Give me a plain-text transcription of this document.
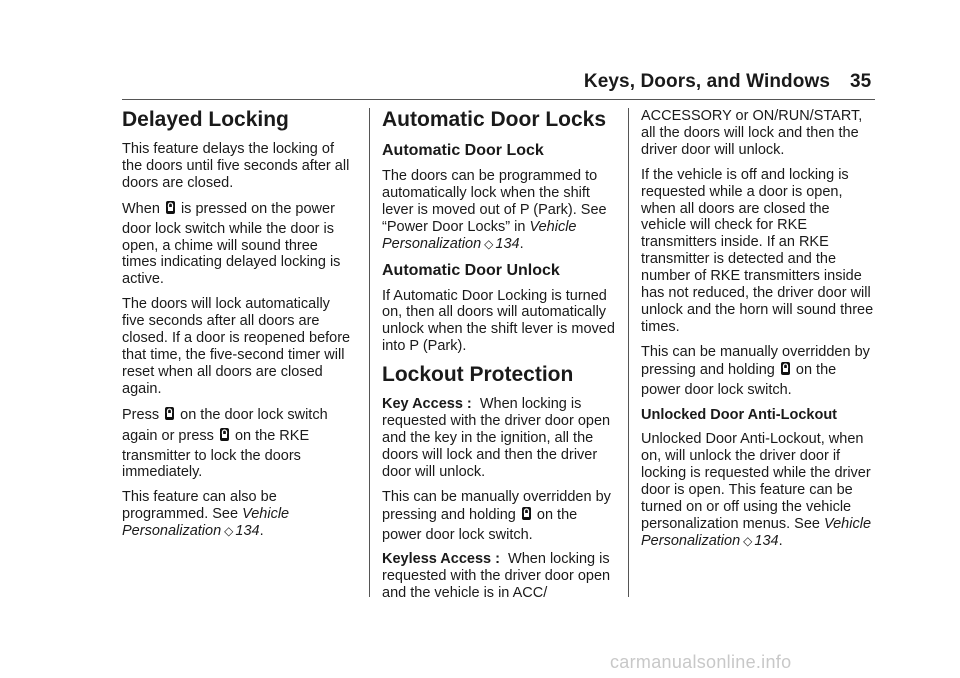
Keys, Doors, and Windows 35
Delayed Locking

This feature delays the locking of the doors until five seconds after all doors are closed.

When is pressed on the power door lock switch while the door is open, a chime will sound three times indicating delayed locking is active.

The doors will lock automatically five seconds after all doors are closed. If a door is reopened before that time, the five-second timer will reset when all doors are closed again.

Press on the door lock switch again or press on the RKE transmitter to lock the doors immediately.

This feature can also be programmed. See Vehicle Personalization ◇ 134.

Automatic Door Locks
Automatic Door Lock

The doors can be programmed to automatically lock when the shift lever is moved out of P (Park). See “Power Door Locks” in Vehicle Personalization ◇ 134.

Automatic Door Unlock

If Automatic Door Locking is turned on, then all doors will automatically unlock when the shift lever is moved into P (Park).

Lockout Protection

Key Access : When locking is requested with the driver door open and the key in the ignition, all the doors will lock and then the driver door will unlock.

This can be manually overridden by pressing and holding on the power door lock switch.

Keyless Access : When locking is requested with the driver door open and the vehicle is in ACC/

ACCESSORY or ON/RUN/START, all the doors will lock and then the driver door will unlock.

If the vehicle is off and locking is requested while a door is open, when all doors are closed the vehicle will check for RKE transmitters inside. If an RKE transmitter is detected and the number of RKE transmitters inside has not reduced, the driver door will unlock and the horn will sound three times.

This can be manually overridden by pressing and holding on the power door lock switch.

Unlocked Door Anti-Lockout

Unlocked Door Anti-Lockout, when on, will unlock the driver door if locking is requested while the driver door is open. This feature can be turned on or off using the vehicle personalization menus. See Vehicle Personalization ◇ 134.

carmanualsonline.info
